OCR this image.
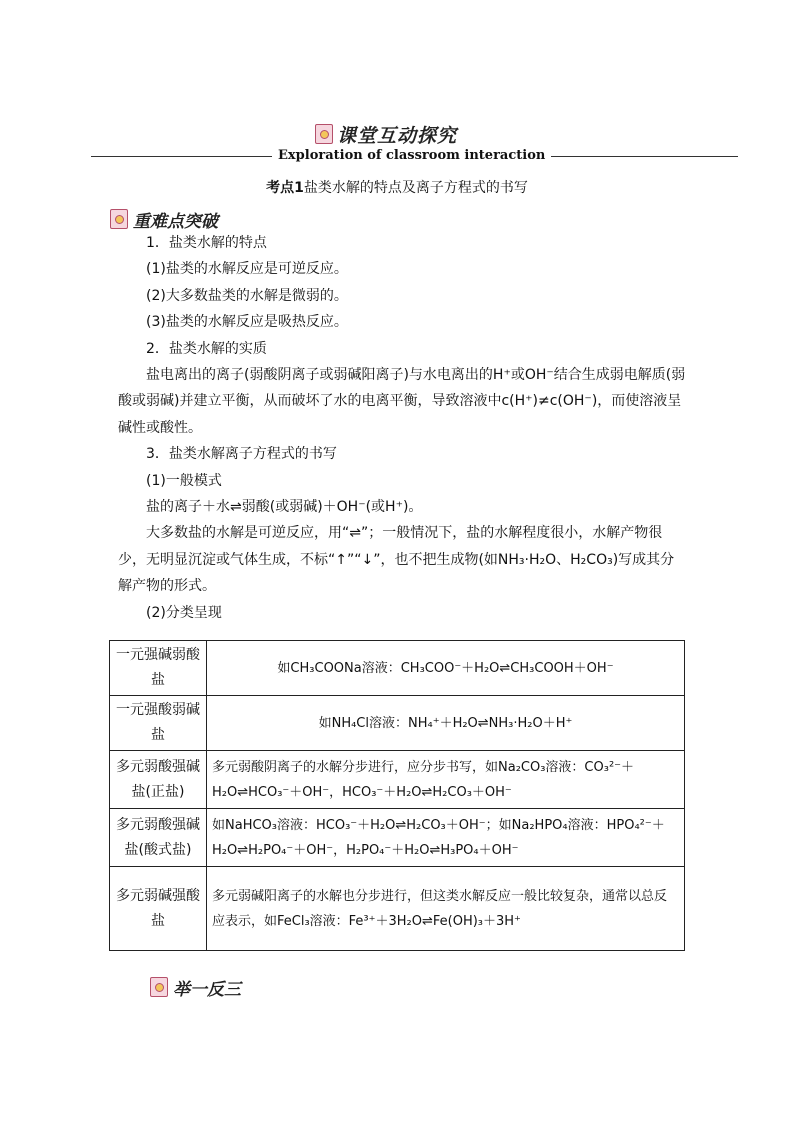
课堂互动探究
Exploration of classroom interaction
考点1盐类水解的特点及离子方程式的书写
重难点突破
1．盐类水解的特点
(1)盐类的水解反应是可逆反应。
(2)大多数盐类的水解是微弱的。
(3)盐类的水解反应是吸热反应。
2．盐类水解的实质
盐电离出的离子(弱酸阴离子或弱碱阳离子)与水电离出的H⁺或OH⁻结合生成弱电解质(弱酸或弱碱)并建立平衡，从而破坏了水的电离平衡，导致溶液中c(H⁺)≠c(OH⁻)，而使溶液呈碱性或酸性。
3．盐类水解离子方程式的书写
(1)一般模式
盐的离子＋水⇌弱酸(或弱碱)＋OH⁻(或H⁺)。
大多数盐的水解是可逆反应，用“⇌”；一般情况下，盐的水解程度很小，水解产物很少，无明显沉淀或气体生成，不标“↑”“↓”，也不把生成物(如NH₃·H₂O、H₂CO₃)写成其分解产物的形式。
(2)分类呈现
一元强碱弱酸盐	如CH₃COONa溶液：CH₃COO⁻＋H₂O⇌CH₃COOH＋OH⁻
一元强酸弱碱盐	如NH₄Cl溶液：NH₄⁺＋H₂O⇌NH₃·H₂O＋H⁺
多元弱酸强碱盐(正盐)	多元弱酸阴离子的水解分步进行，应分步书写，如Na₂CO₃溶液：CO₃²⁻＋H₂O⇌HCO₃⁻＋OH⁻，HCO₃⁻＋H₂O⇌H₂CO₃＋OH⁻
多元弱酸强碱盐(酸式盐)	如NaHCO₃溶液：HCO₃⁻＋H₂O⇌H₂CO₃＋OH⁻；如Na₂HPO₄溶液：HPO₄²⁻＋H₂O⇌H₂PO₄⁻＋OH⁻，H₂PO₄⁻＋H₂O⇌H₃PO₄＋OH⁻
多元弱碱强酸盐	多元弱碱阳离子的水解也分步进行，但这类水解反应一般比较复杂，通常以总反应表示，如FeCl₃溶液：Fe³⁺＋3H₂O⇌Fe(OH)₃＋3H⁺
举一反三
